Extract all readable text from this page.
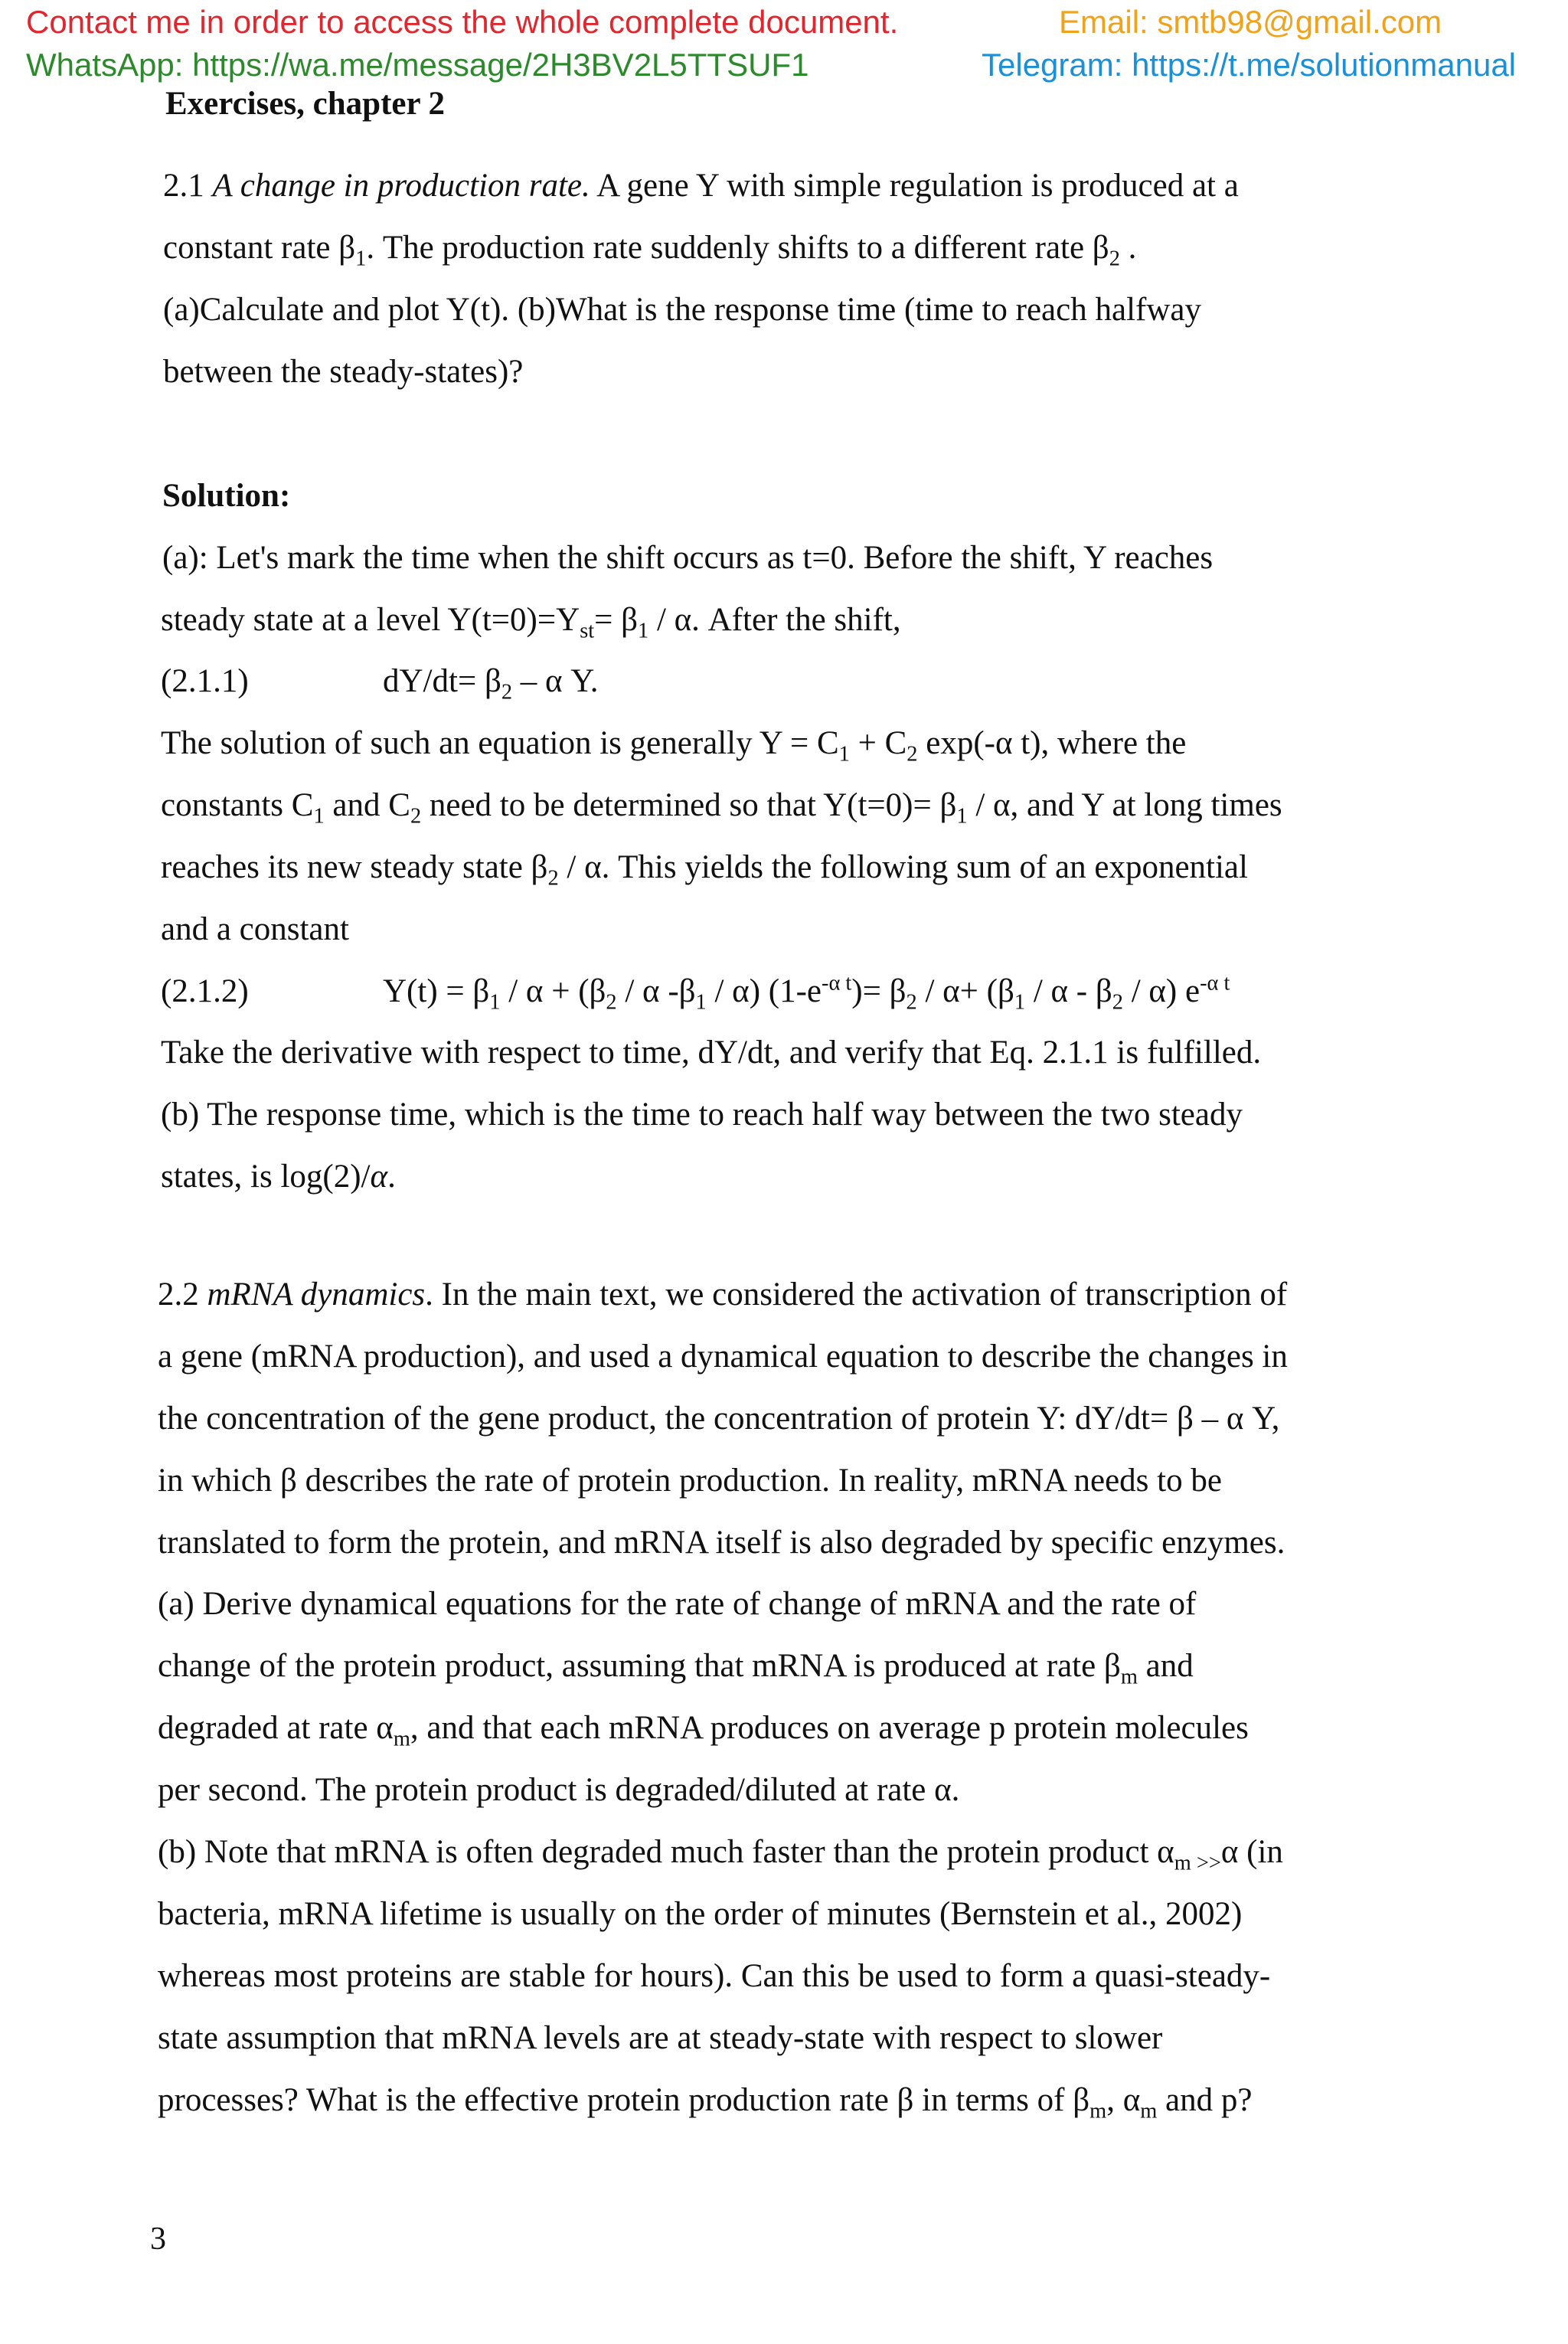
Contact me in order to access the whole complete document.	Email: smtb98@gmail.com
WhatsApp: https://wa.me/message/2H3BV2L5TTSUF1	Telegram: https://t.me/solutionmanual
Exercises, chapter 2
2.1 A change in production rate. A gene Y with simple regulation is produced at a
constant rate $\beta_1$. The production rate suddenly shifts to a different rate $\beta_2$ .
(a)Calculate and plot Y(t). (b)What is the response time (time to reach halfway
between the steady-states)?
Solution:
(a): Let's mark the time when the shift occurs as t=0. Before the shift, Y reaches
steady state at a level $Y(t=0)=Y_{st}= \beta_1 / \alpha$. After the shift,
(2.1.1)	$dY/dt= \beta_2 - \alpha$ Y.
The solution of such an equation is generally $Y = C_1 + C_2$ exp(-α t), where the
constants $C_1$ and $C_2$ need to be determined so that $Y(t=0)= \beta_1 / \alpha$, and Y at long times
reaches its new steady state $\beta_2$ / α. This yields the following sum of an exponential
and a constant
(2.1.2)	$Y(t) = \beta_1 / \alpha + (\beta_2 / \alpha$ $-\beta_1 / \alpha$) $(1-e^{-\alpha t})= \beta_2 / \alpha+ (\beta_1 / \alpha - \beta_2 / \alpha)$ $e^{-\alpha t}$
Take the derivative with respect to time, dY/dt, and verify that Eq. 2.1.1 is fulfilled.
(b) The response time, which is the time to reach half way between the two steady
states, is log(2)/α.
2.2 mRNA dynamics. In the main text, we considered the activation of transcription of
a gene (mRNA production), and used a dynamical equation to describe the changes in
the concentration of the gene product, the concentration of protein Y: dY/dt= β – α Y,
in which β describes the rate of protein production. In reality, mRNA needs to be
translated to form the protein, and mRNA itself is also degraded by specific enzymes.
(a) Derive dynamical equations for the rate of change of mRNA and the rate of
change of the protein product, assuming that mRNA is produced at rate $\beta_m$ and
degraded at rate $\alpha_m$, and that each mRNA produces on average p protein molecules
per second. The protein product is degraded/diluted at rate α.
(b) Note that mRNA is often degraded much faster than the protein product $\alpha_{m >>}\alpha$ (in
bacteria, mRNA lifetime is usually on the order of minutes (Bernstein et al., 2002)
whereas most proteins are stable for hours). Can this be used to form a quasi-steady-
state assumption that mRNA levels are at steady-state with respect to slower
processes? What is the effective protein production rate β in terms of $\beta_m$, $\alpha_m$ and p?
3
